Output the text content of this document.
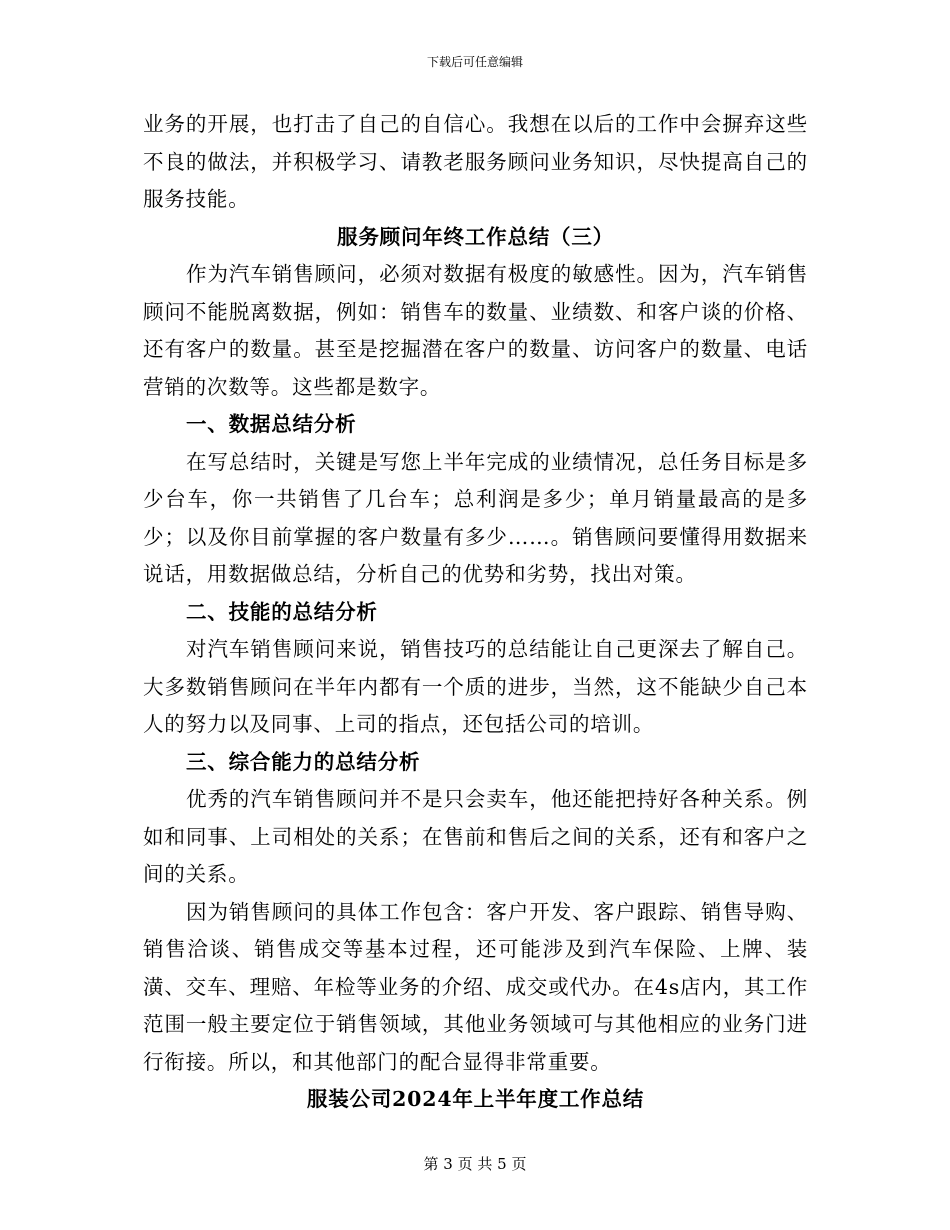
下载后可任意编辑

业务的开展，也打击了自己的自信心。我想在以后的工作中会摒弃这些不良的做法，并积极学习、请教老服务顾问业务知识，尽快提高自己的服务技能。

服务顾问年终工作总结（三）

作为汽车销售顾问，必须对数据有极度的敏感性。因为，汽车销售顾问不能脱离数据，例如：销售车的数量、业绩数、和客户谈的价格、还有客户的数量。甚至是挖掘潜在客户的数量、访问客户的数量、电话营销的次数等。这些都是数字。

一、数据总结分析

在写总结时，关键是写您上半年完成的业绩情况，总任务目标是多少台车，你一共销售了几台车；总利润是多少；单月销量最高的是多少；以及你目前掌握的客户数量有多少……。销售顾问要懂得用数据来说话，用数据做总结，分析自己的优势和劣势，找出对策。

二、技能的总结分析

对汽车销售顾问来说，销售技巧的总结能让自己更深去了解自己。大多数销售顾问在半年内都有一个质的进步，当然，这不能缺少自己本人的努力以及同事、上司的指点，还包括公司的培训。

三、综合能力的总结分析

优秀的汽车销售顾问并不是只会卖车，他还能把持好各种关系。例如和同事、上司相处的关系；在售前和售后之间的关系，还有和客户之间的关系。

因为销售顾问的具体工作包含：客户开发、客户跟踪、销售导购、销售洽谈、销售成交等基本过程，还可能涉及到汽车保险、上牌、装潢、交车、理赔、年检等业务的介绍、成交或代办。在4s店内，其工作范围一般主要定位于销售领域，其他业务领域可与其他相应的业务门进行衔接。所以，和其他部门的配合显得非常重要。

服装公司2024年上半年度工作总结

第 3 页 共 5 页
